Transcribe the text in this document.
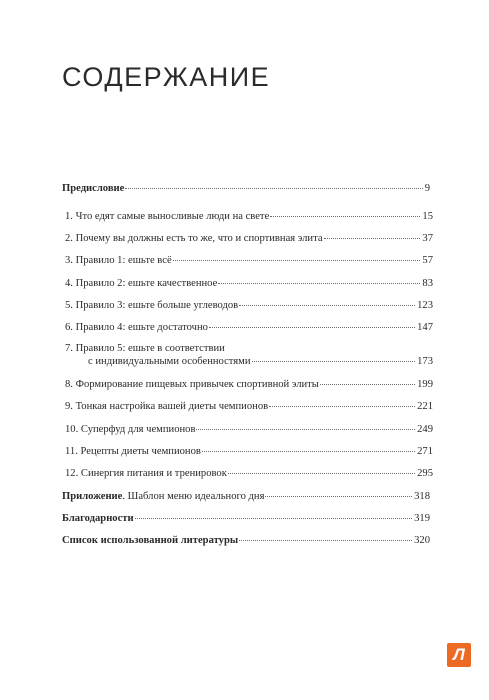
СОДЕРЖАНИЕ
Предисловие	9
1. Что едят самые выносливые люди на свете	15
2. Почему вы должны есть то же, что и спортивная элита	37
3. Правило 1: ешьте всё	57
4. Правило 2: ешьте качественное	83
5. Правило 3: ешьте больше углеводов	123
6. Правило 4: ешьте достаточно	147
7. Правило 5: ешьте в соответствии
с индивидуальными особенностями	173
8. Формирование пищевых привычек спортивной элиты	199
9. Тонкая настройка вашей диеты чемпионов	221
10. Суперфуд для чемпионов	249
11. Рецепты диеты чемпионов	271
12. Синергия питания и тренировок	295
Приложение. Шаблон меню идеального дня	318
Благодарности	319
Список использованной литературы	320
Л
